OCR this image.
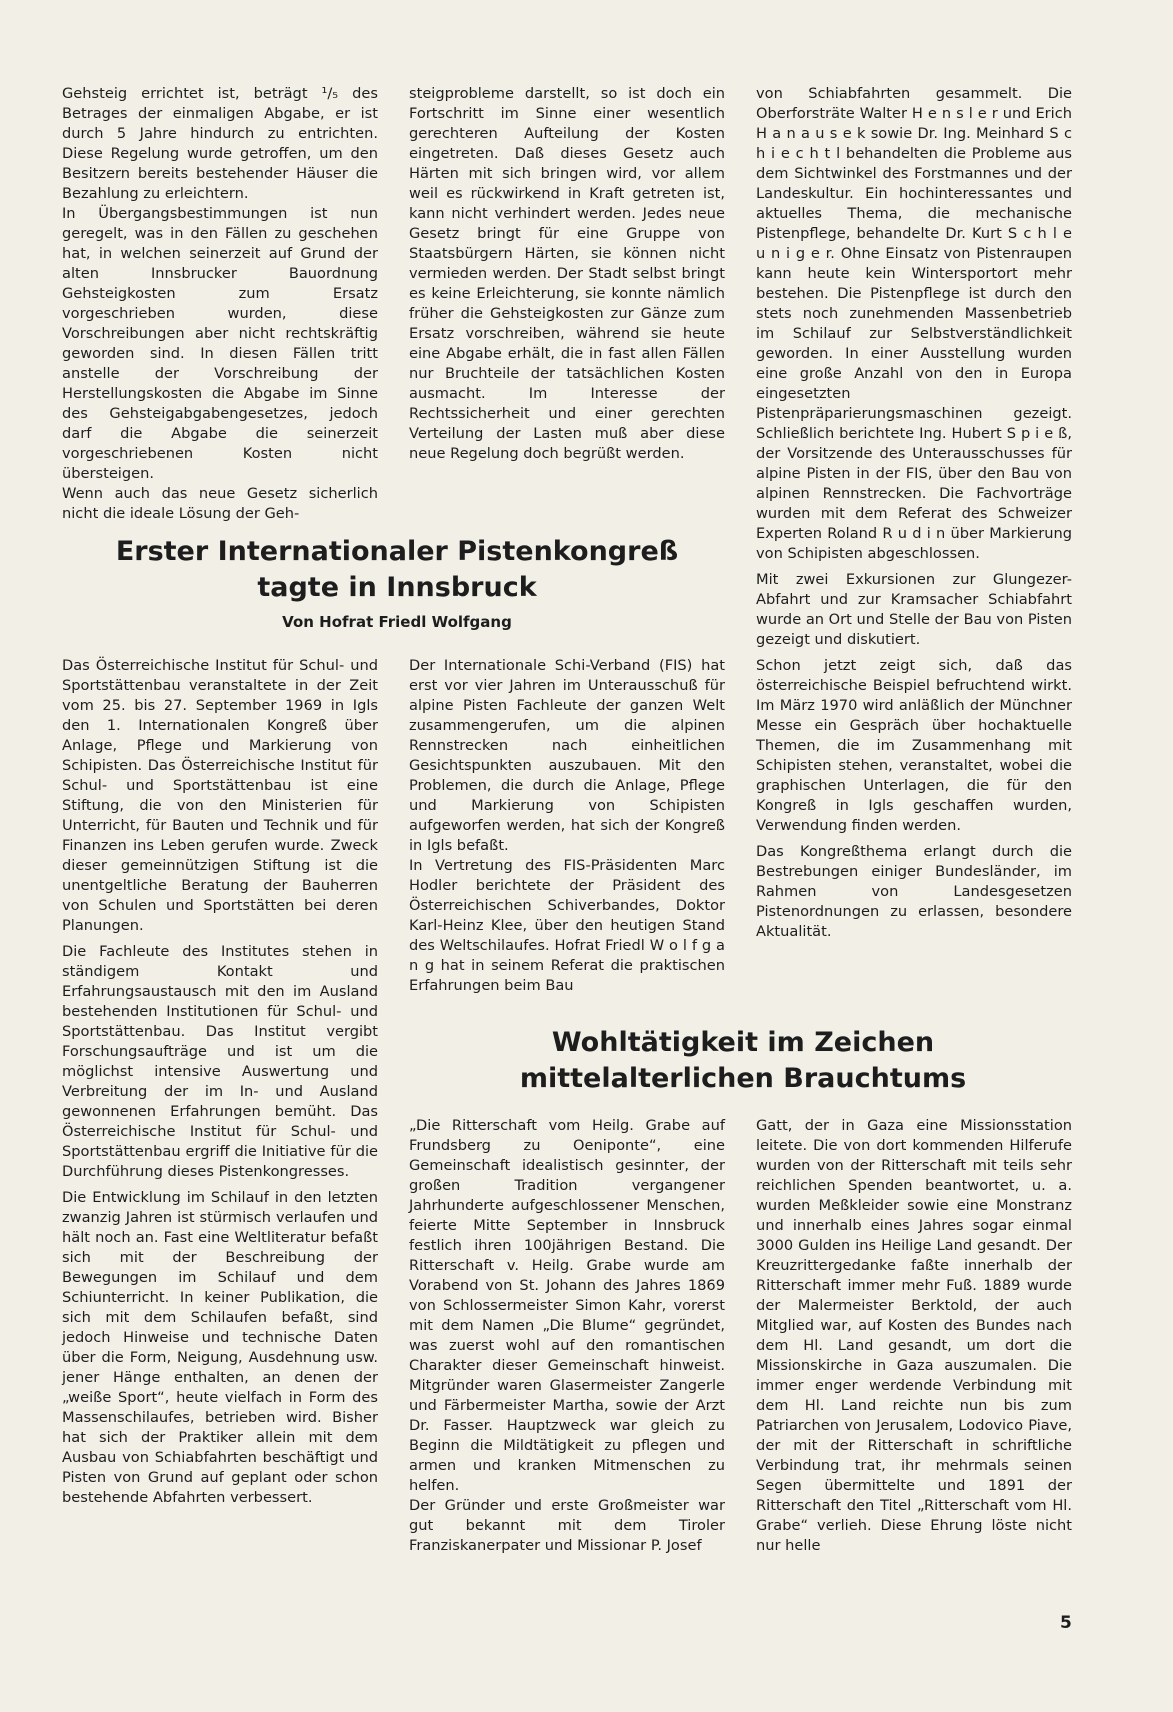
Gehsteig errichtet ist, beträgt ¹/₅ des Betrages der einmaligen Abgabe, er ist durch 5 Jahre hindurch zu entrichten. Diese Regelung wurde getroffen, um den Besitzern bereits bestehender Häuser die Bezahlung zu erleichtern.

In Übergangsbestimmungen ist nun geregelt, was in den Fällen zu geschehen hat, in welchen seinerzeit auf Grund der alten Innsbrucker Bauordnung Gehsteigkosten zum Ersatz vorgeschrieben wurden, diese Vorschreibungen aber nicht rechtskräftig geworden sind. In diesen Fällen tritt anstelle der Vorschreibung der Herstellungskosten die Abgabe im Sinne des Gehsteigabgabengesetzes, jedoch darf die Abgabe die seinerzeit vorgeschriebenen Kosten nicht übersteigen.

Wenn auch das neue Gesetz sicherlich nicht die ideale Lösung der Geh-

steigprobleme darstellt, so ist doch ein Fortschritt im Sinne einer wesentlich gerechteren Aufteilung der Kosten eingetreten. Daß dieses Gesetz auch Härten mit sich bringen wird, vor allem weil es rückwirkend in Kraft getreten ist, kann nicht verhindert werden. Jedes neue Gesetz bringt für eine Gruppe von Staatsbürgern Härten, sie können nicht vermieden werden. Der Stadt selbst bringt es keine Erleichterung, sie konnte nämlich früher die Gehsteigkosten zur Gänze zum Ersatz vorschreiben, während sie heute eine Abgabe erhält, die in fast allen Fällen nur Bruchteile der tatsächlichen Kosten ausmacht. Im Interesse der Rechtssicherheit und einer gerechten Verteilung der Lasten muß aber diese neue Regelung doch begrüßt werden.

Erster Internationaler Pistenkongreß
tagte in Innsbruck
Von Hofrat Friedl Wolfgang

Das Österreichische Institut für Schul- und Sportstättenbau veranstaltete in der Zeit vom 25. bis 27. September 1969 in Igls den 1. Internationalen Kongreß über Anlage, Pflege und Markierung von Schipisten. Das Österreichische Institut für Schul- und Sportstättenbau ist eine Stiftung, die von den Ministerien für Unterricht, für Bauten und Technik und für Finanzen ins Leben gerufen wurde. Zweck dieser gemeinnützigen Stiftung ist die unentgeltliche Beratung der Bauherren von Schulen und Sportstätten bei deren Planungen.

Die Fachleute des Institutes stehen in ständigem Kontakt und Erfahrungsaustausch mit den im Ausland bestehenden Institutionen für Schul- und Sportstättenbau. Das Institut vergibt Forschungsaufträge und ist um die möglichst intensive Auswertung und Verbreitung der im In- und Ausland gewonnenen Erfahrungen bemüht. Das Österreichische Institut für Schul- und Sportstättenbau ergriff die Initiative für die Durchführung dieses Pistenkongresses.

Die Entwicklung im Schilauf in den letzten zwanzig Jahren ist stürmisch verlaufen und hält noch an. Fast eine Weltliteratur befaßt sich mit der Beschreibung der Bewegungen im Schilauf und dem Schiunterricht. In keiner Publikation, die sich mit dem Schilaufen befaßt, sind jedoch Hinweise und technische Daten über die Form, Neigung, Ausdehnung usw. jener Hänge enthalten, an denen der „weiße Sport“, heute vielfach in Form des Massenschilaufes, betrieben wird. Bisher hat sich der Praktiker allein mit dem Ausbau von Schiabfahrten beschäftigt und Pisten von Grund auf geplant oder schon bestehende Abfahrten verbessert.

Der Internationale Schi-Verband (FIS) hat erst vor vier Jahren im Unterausschuß für alpine Pisten Fachleute der ganzen Welt zusammengerufen, um die alpinen Rennstrecken nach einheitlichen Gesichtspunkten auszubauen. Mit den Problemen, die durch die Anlage, Pflege und Markierung von Schipisten aufgeworfen werden, hat sich der Kongreß in Igls befaßt.

In Vertretung des FIS-Präsidenten Marc Hodler berichtete der Präsident des Österreichischen Schiverbandes, Doktor Karl-Heinz Klee, über den heutigen Stand des Weltschilaufes. Hofrat Friedl W o l f g a n g hat in seinem Referat die praktischen Erfahrungen beim Bau

von Schiabfahrten gesammelt. Die Oberforsträte Walter H e n s l e r und Erich H a n a u s e k sowie Dr. Ing. Meinhard S c h i e c h t l behandelten die Probleme aus dem Sichtwinkel des Forstmannes und der Landeskultur. Ein hochinteressantes und aktuelles Thema, die mechanische Pistenpflege, behandelte Dr. Kurt S c h l e u n i g e r. Ohne Einsatz von Pistenraupen kann heute kein Wintersportort mehr bestehen. Die Pistenpflege ist durch den stets noch zunehmenden Massenbetrieb im Schilauf zur Selbstverständlichkeit geworden. In einer Ausstellung wurden eine große Anzahl von den in Europa eingesetzten Pistenpräparierungsmaschinen gezeigt. Schließlich berichtete Ing. Hubert S p i e ß, der Vorsitzende des Unterausschusses für alpine Pisten in der FIS, über den Bau von alpinen Rennstrecken. Die Fachvorträge wurden mit dem Referat des Schweizer Experten Roland R u d i n über Markierung von Schipisten abgeschlossen.

Mit zwei Exkursionen zur Glungezer-Abfahrt und zur Kramsacher Schiabfahrt wurde an Ort und Stelle der Bau von Pisten gezeigt und diskutiert.

Schon jetzt zeigt sich, daß das österreichische Beispiel befruchtend wirkt. Im März 1970 wird anläßlich der Münchner Messe ein Gespräch über hochaktuelle Themen, die im Zusammenhang mit Schipisten stehen, veranstaltet, wobei die graphischen Unterlagen, die für den Kongreß in Igls geschaffen wurden, Verwendung finden werden.

Das Kongreßthema erlangt durch die Bestrebungen einiger Bundesländer, im Rahmen von Landesgesetzen Pistenordnungen zu erlassen, besondere Aktualität.

Wohltätigkeit im Zeichen
mittelalterlichen Brauchtums

„Die Ritterschaft vom Heilg. Grabe auf Frundsberg zu Oeniponte“, eine Gemeinschaft idealistisch gesinnter, der großen Tradition vergangener Jahrhunderte aufgeschlossener Menschen, feierte Mitte September in Innsbruck festlich ihren 100jährigen Bestand. Die Ritterschaft v. Heilg. Grabe wurde am Vorabend von St. Johann des Jahres 1869 von Schlossermeister Simon Kahr, vorerst mit dem Namen „Die Blume“ gegründet, was zuerst wohl auf den romantischen Charakter dieser Gemeinschaft hinweist. Mitgründer waren Glasermeister Zangerle und Färbermeister Martha, sowie der Arzt Dr. Fasser. Hauptzweck war gleich zu Beginn die Mildtätigkeit zu pflegen und armen und kranken Mitmenschen zu helfen.

Der Gründer und erste Großmeister war gut bekannt mit dem Tiroler Franziskanerpater und Missionar P. Josef

Gatt, der in Gaza eine Missionsstation leitete. Die von dort kommenden Hilferufe wurden von der Ritterschaft mit teils sehr reichlichen Spenden beantwortet, u. a. wurden Meßkleider sowie eine Monstranz und innerhalb eines Jahres sogar einmal 3000 Gulden ins Heilige Land gesandt. Der Kreuzrittergedanke faßte innerhalb der Ritterschaft immer mehr Fuß. 1889 wurde der Malermeister Berktold, der auch Mitglied war, auf Kosten des Bundes nach dem Hl. Land gesandt, um dort die Missionskirche in Gaza auszumalen. Die immer enger werdende Verbindung mit dem Hl. Land reichte nun bis zum Patriarchen von Jerusalem, Lodovico Piave, der mit der Ritterschaft in schriftliche Verbindung trat, ihr mehrmals seinen Segen übermittelte und 1891 der Ritterschaft den Titel „Ritterschaft vom Hl. Grabe“ verlieh. Diese Ehrung löste nicht nur helle

5
